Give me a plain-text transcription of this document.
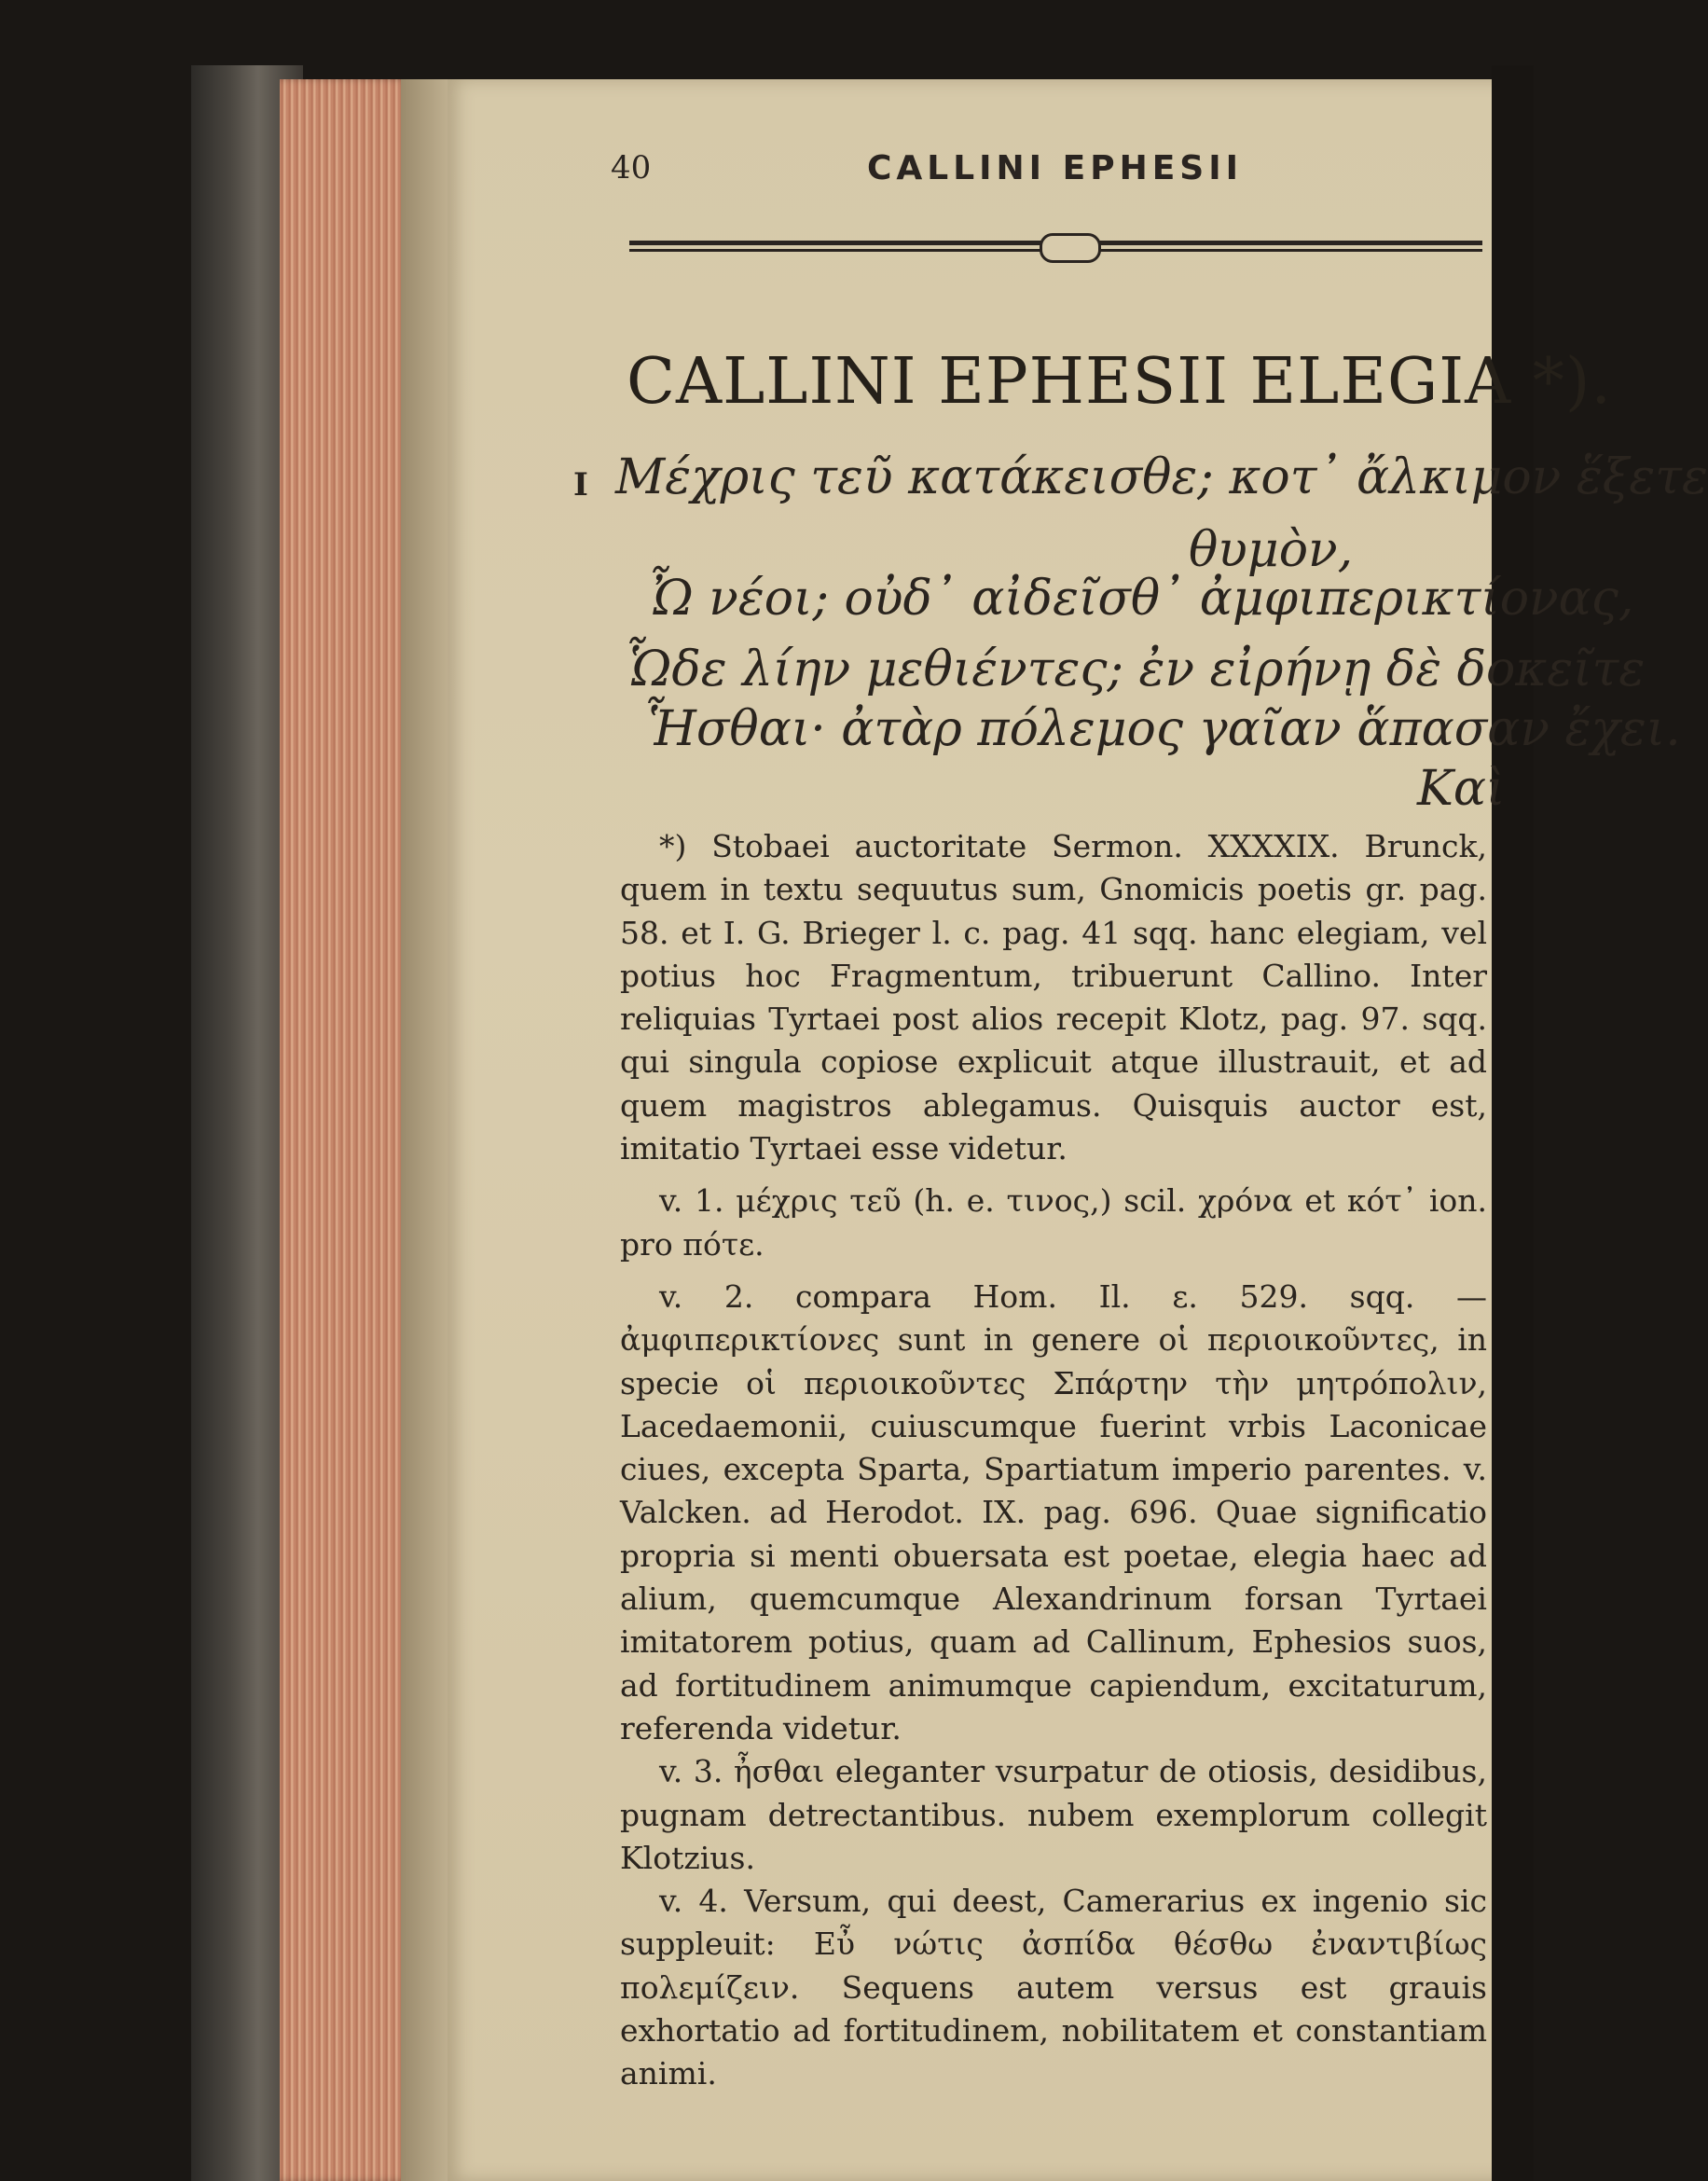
40	CALLINI EPHESII
CALLINI EPHESII ELEGIA *).
I Μέχρις τεῦ κατάκεισθε; κοτ᾽ ἄλκιμον ἕξετε
θυμὸν,
Ὦ νέοι; οὐδ᾽ αἰδεῖσθ᾽ ἀμφιπερικτίονας,
Ὧδε λίην μεθιέντες; ἐν εἰρήνῃ δὲ δοκεῖτε
Ἧσθαι· ἀτὰρ πόλεμος γαῖαν ἅπασαν ἔχει.
Καὶ

*) Stobaei auctoritate Sermon. XXXXIX. Brunck, quem in textu sequutus sum, Gnomicis poetis gr. pag. 58. et I. G. Brieger l. c. pag. 41 sqq. hanc elegiam, vel potius hoc Fragmentum, tribuerunt Callino. Inter reliquias Tyrtaei post alios recepit Klotz, pag. 97. sqq. qui singula copiose explicuit atque illustrauit, et ad quem magistros ablegamus. Quisquis auctor est, imitatio Tyrtaei esse videtur.

v. 1. μέχρις τεῦ (h. e. τινος,) scil. χρόνα et κότ᾽ ion. pro πότε.

v. 2. compara Hom. Il. ε. 529. sqq. — ἀμφιπερικτίονες sunt in genere οἱ περιοικοῦντες, in specie οἱ περιοικοῦντες Σπάρτην τὴν μητρόπολιν, Lacedaemonii, cuiuscumque fuerint vrbis Laconicae ciues, excepta Sparta, Spartiatum imperio parentes. v. Valcken. ad Herodot. IX. pag. 696. Quae significatio propria si menti obuersata est poetae, elegia haec ad alium, quemcumque Alexandrinum forsan Tyrtaei imitatorem potius, quam ad Callinum, Ephesios suos, ad fortitudinem animumque capiendum, excitaturum, referenda videtur.

v. 3. ἦσθαι eleganter vsurpatur de otiosis, desidibus, pugnam detrectantibus. nubem exemplorum collegit Klotzius.

v. 4. Versum, qui deest, Camerarius ex ingenio sic suppleuit: Εὖ νώτις ἀσπίδα θέσθω ἐναντιβίως πολεμίζειν. Sequens autem versus est grauis exhortatio ad fortitudinem, nobilitatem et constantiam animi.
